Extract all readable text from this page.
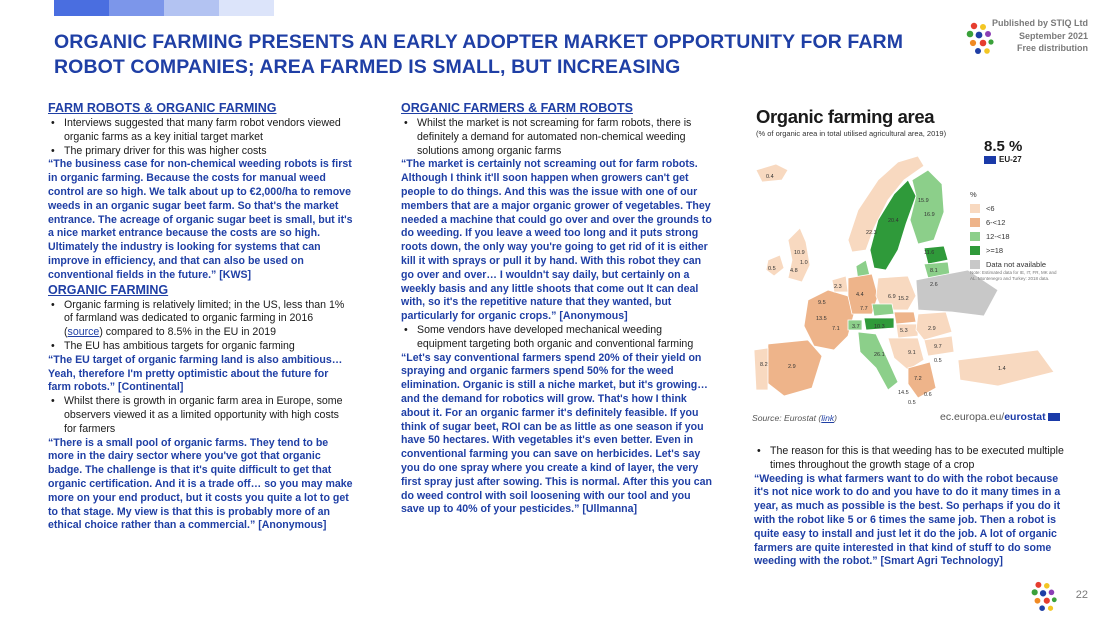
ORGANIC FARMING PRESENTS AN EARLY ADOPTER MARKET OPPORTUNITY FOR FARM ROBOT COMPANIES; AREA FARMED IS SMALL, BUT INCREASING
Published by STIQ Ltd
September 2021
Free distribution
FARM ROBOTS & ORGANIC FARMING
• Interviews suggested that many farm robot vendors viewed organic farms as a key initial target market
• The primary driver for this was higher costs
“The business case for non-chemical weeding robots is first in organic farming. Because the costs for manual weed control are so high. We talk about up to €2,000/ha to remove weeds in an organic sugar beet farm. So that's the market entrance. The acreage of organic sugar beet is small, but it's a nice market entrance because the costs are so high. Ultimately the industry is looking for systems that can improve in efficiency, and that can also be used on conventional fields in the future.” [KWS]
ORGANIC FARMING
• Organic farming is relatively limited; in the US, less than 1% of farmland was dedicated to organic farming in 2016 (source) compared to 8.5% in the EU in 2019
• The EU has ambitious targets for organic farming
“The EU target of organic farming land is also ambitious… Yeah, therefore I'm pretty optimistic about the future for farm robots.” [Continental]
• Whilst there is growth in organic farm area in Europe, some observers viewed it as a limited opportunity with high costs for farmers
“There is a small pool of organic farms. They tend to be more in the dairy sector where you've got that organic badge. The challenge is that it's quite difficult to get that organic certification. And it is a trade off… so you may make more on your end product, but it costs you quite a lot to get to that stage. My view is that this is probably more of an ethical choice rather than a commercial.” [Anonymous]
ORGANIC FARMERS & FARM ROBOTS
• Whilst the market is not screaming for farm robots, there is definitely a demand for automated non-chemical weeding solutions among organic farms
“The market is certainly not screaming out for farm robots. Although I think it'll soon happen when growers can't get people to do things. And this was the issue with one of our members that are a major organic grower of vegetables. They needed a machine that could go over and over the grounds to do weeding. If you leave a weed too long and it puts strong roots down, the only way you're going to get rid of it is either kill it with sprays or pull it by hand. With this robot they can go over and over… I wouldn't say daily, but certainly on a weekly basis and any little shoots that come out It can deal with, so it's the repetitive nature that they wanted, but particularly for organic crops.” [Anonymous]
• Some vendors have developed mechanical weeding equipment targeting both organic and conventional farming
“Let's say conventional farmers spend 20% of their yield on spraying and organic farmers spend 50% for the weed elimination. Organic is still a niche market, but it's growing… and the demand for robotics will grow. That's how I think about it. For an organic farmer it's definitely feasible. If you think of sugar beet, ROI can be as little as one season if you have 50 hectares. With vegetables it's even better. Even in conventional farming you can save on herbicides. Let's say you do one spray where you create a kind of layer, the very first spray just after sowing. This is normal. After this you can do weed control with soil loosening with our tool and you save up to 40% of your pesticides.” [Ullmanna]
Organic farming area
(% of organic area in total utilised agricultural area, 2019)
8.5 %
EU-27
%
<6
6-<12
12-<18
>=18
Data not available
Note: Estimated data for IE, IT, FR, MK and AL. Montenegro and Turkey: 2018 data.
0.4
4.8
10.9
1.0
9.5
0.5
13.5
22.3
20.4
15.9
16.9
11.6
8.1
2.6
2.3
4.4
7.7
6.9
7.1 3.7
15.2
10.3
5.3	2.9
9.1
9.7
8.2
26.1
2.9
7.2
0.5
1.4
0.6
0.5
14.5
Source: Eurostat (link)	ec.europa.eu/eurostat
• The reason for this is that weeding has to be executed multiple times throughout the growth stage of a crop
“Weeding is what farmers want to do with the robot because it's not nice work to do and you have to do it many times in a year, as much as possible is the best. So perhaps if you do it with the robot like 5 or 6 times the same job. Then a robot is quite easy to install and just let it do the job. A lot of organic farmers are quite interested in that kind of stuff to do some weeding with the robot.” [Smart Agri Technology]
22
